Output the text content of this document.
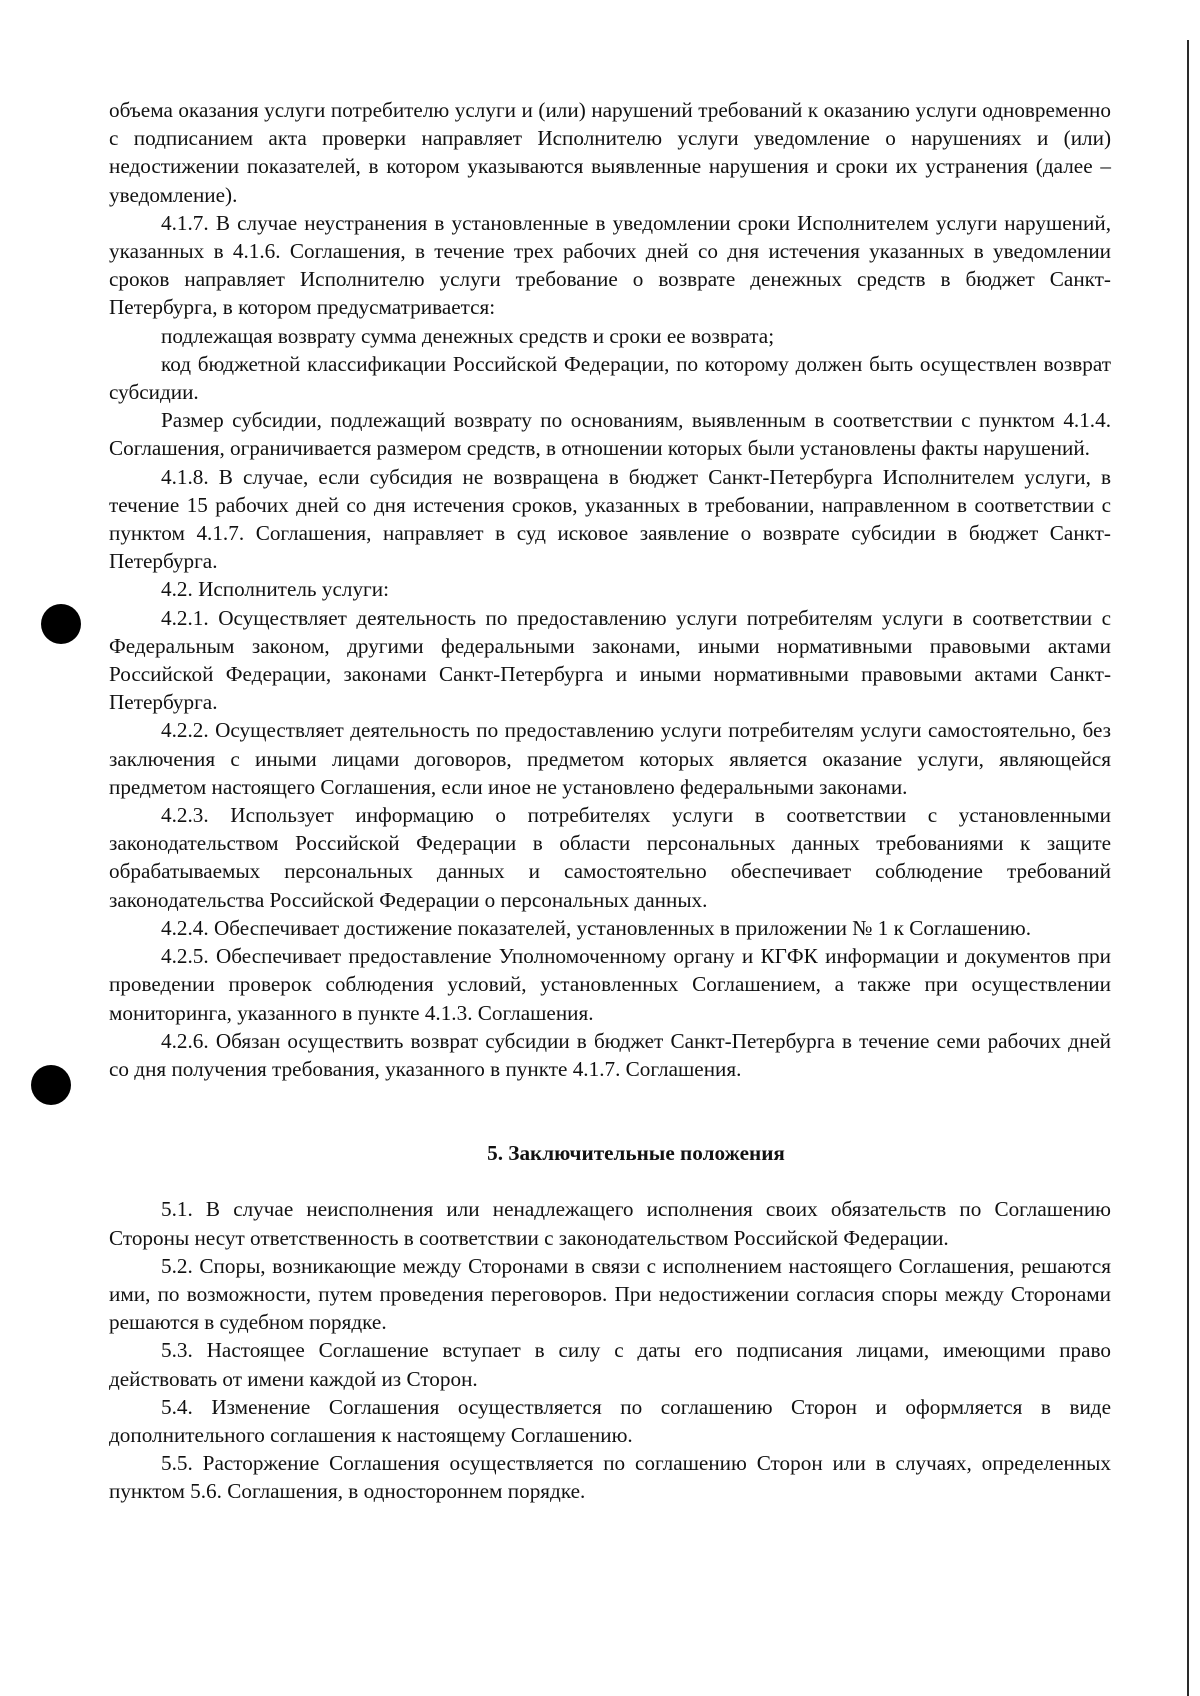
объема оказания услуги потребителю услуги и (или) нарушений требований к оказанию услуги одновременно с подписанием акта проверки направляет Исполнителю услуги уведомление о нарушениях и (или) недостижении показателей, в котором указываются выявленные нарушения и сроки их устранения (далее – уведомление).

4.1.7. В случае неустранения в установленные в уведомлении сроки Исполнителем услуги нарушений, указанных в 4.1.6. Соглашения, в течение трех рабочих дней со дня истечения указанных в уведомлении сроков направляет Исполнителю услуги требование о возврате денежных средств в бюджет Санкт-Петербурга, в котором предусматривается:

подлежащая возврату сумма денежных средств и сроки ее возврата;

код бюджетной классификации Российской Федерации, по которому должен быть осуществлен возврат субсидии.

Размер субсидии, подлежащий возврату по основаниям, выявленным в соответствии с пунктом 4.1.4. Соглашения, ограничивается размером средств, в отношении которых были установлены факты нарушений.

4.1.8. В случае, если субсидия не возвращена в бюджет Санкт-Петербурга Исполнителем услуги, в течение 15 рабочих дней со дня истечения сроков, указанных в требовании, направленном в соответствии с пунктом 4.1.7. Соглашения, направляет в суд исковое заявление о возврате субсидии в бюджет Санкт-Петербурга.

4.2. Исполнитель услуги:

4.2.1. Осуществляет деятельность по предоставлению услуги потребителям услуги в соответствии с Федеральным законом, другими федеральными законами, иными нормативными правовыми актами Российской Федерации, законами Санкт-Петербурга и иными нормативными правовыми актами Санкт-Петербурга.

4.2.2. Осуществляет деятельность по предоставлению услуги потребителям услуги самостоятельно, без заключения с иными лицами договоров, предметом которых является оказание услуги, являющейся предметом настоящего Соглашения, если иное не установлено федеральными законами.

4.2.3. Использует информацию о потребителях услуги в соответствии с установленными законодательством Российской Федерации в области персональных данных требованиями к защите обрабатываемых персональных данных и самостоятельно обеспечивает соблюдение требований законодательства Российской Федерации о персональных данных.

4.2.4. Обеспечивает достижение показателей, установленных в приложении № 1 к Соглашению.

4.2.5. Обеспечивает предоставление Уполномоченному органу и КГФК информации и документов при проведении проверок соблюдения условий, установленных Соглашением, а также при осуществлении мониторинга, указанного в пункте 4.1.3. Соглашения.

4.2.6. Обязан осуществить возврат субсидии в бюджет Санкт-Петербурга в течение семи рабочих дней со дня получения требования, указанного в пункте 4.1.7. Соглашения.

5. Заключительные положения

5.1. В случае неисполнения или ненадлежащего исполнения своих обязательств по Соглашению Стороны несут ответственность в соответствии с законодательством Российской Федерации.

5.2. Споры, возникающие между Сторонами в связи с исполнением настоящего Соглашения, решаются ими, по возможности, путем проведения переговоров. При недостижении согласия споры между Сторонами решаются в судебном порядке.

5.3. Настоящее Соглашение вступает в силу с даты его подписания лицами, имеющими право действовать от имени каждой из Сторон.

5.4. Изменение Соглашения осуществляется по соглашению Сторон и оформляется в виде дополнительного соглашения к настоящему Соглашению.

5.5. Расторжение Соглашения осуществляется по соглашению Сторон или в случаях, определенных пунктом 5.6. Соглашения, в одностороннем порядке.
